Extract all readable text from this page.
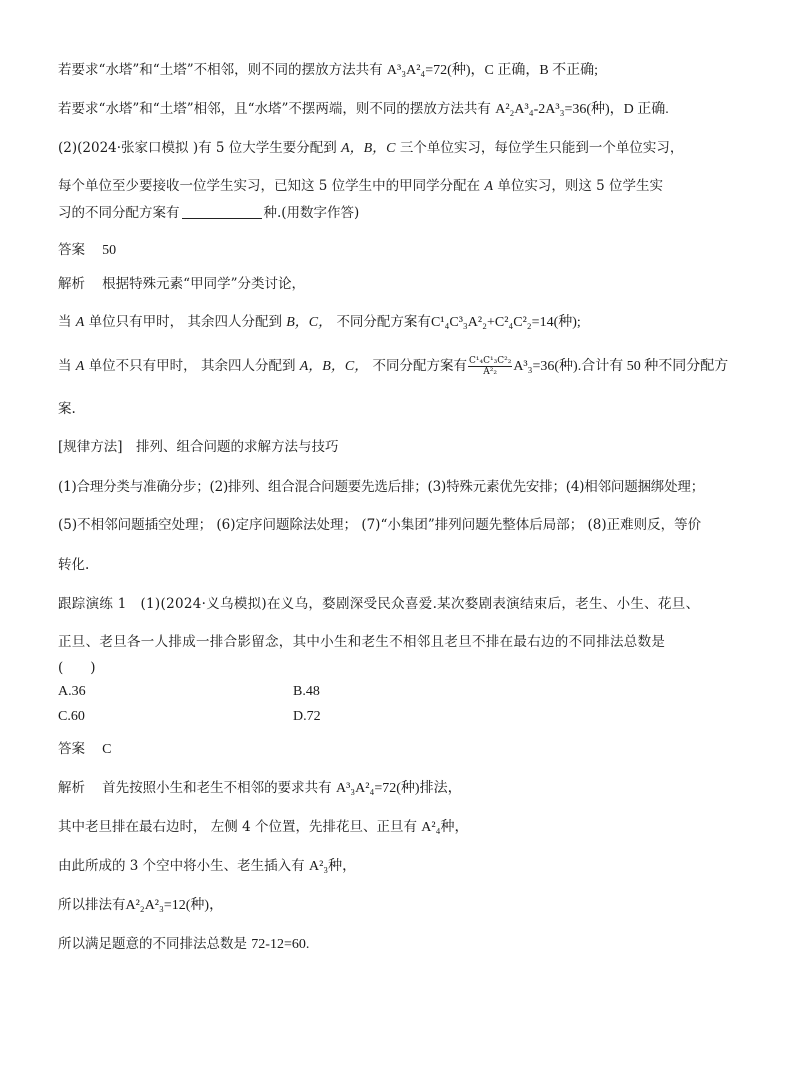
若要求“水塔”和“土塔”不相邻，则不同的摆放方法共有 A³₃A²₄=72(种)，C 正确，B 不正确;
若要求“水塔”和“土塔”相邻，且“水塔”不摆两端，则不同的摆放方法共有 A²₂A³₄-2A³₃=36(种)，D 正确.
(2)(2024·张家口模拟 )有 5 位大学生要分配到 A，B，C 三个单位实习，每位学生只能到一个单位实习，
每个单位至少要接收一位学生实习，已知这 5 位学生中的甲同学分配在 A 单位实习，则这 5 位学生实
习的不同分配方案有	种.(用数字作答)
答案 50
解析 根据特殊元素“甲同学”分类讨论，
当 A 单位只有甲时， 其余四人分配到 B，C， 不同分配方案有C¹₄C³₃A²₂+C²₄C²₂=14(种);
当 A 单位不只有甲时， 其余四人分配到 A，B，C， 不同分配方案有 $\frac{\text{C¹₄C¹₃C²₂}}{\text{A²₂}} A^3_3=36$(种).合计有 50 种不同分配方
案.
[规律方法]　排列、组合问题的求解方法与技巧
(1)合理分类与准确分步；(2)排列、组合混合问题要先选后排；(3)特殊元素优先安排；(4)相邻问题捆绑处理；
(5)不相邻问题插空处理； (6)定序问题除法处理； (7)“小集团”排列问题先整体后局部； (8)正难则反，等价
转化.
跟踪演练 1　(1)(2024·义乌模拟)在义乌，婺剧深受民众喜爱.某次婺剧表演结束后，老生、小生、花旦、
正旦、老旦各一人排成一排合影留念，其中小生和老生不相邻且老旦不排在最右边的不同排法总数是
(　　)
A.36	B.48
C.60	D.72
答案 C
解析 首先按照小生和老生不相邻的要求共有 A³₃A²₄=72(种)排法，
其中老旦排在最右边时， 左侧 4 个位置，先排花旦、正旦有 A²₄种，
由此所成的 3 个空中将小生、老生插入有 A²₃种，
所以排法有A²₂A²₃=12(种)，
所以满足题意的不同排法总数是 72-12=60.
